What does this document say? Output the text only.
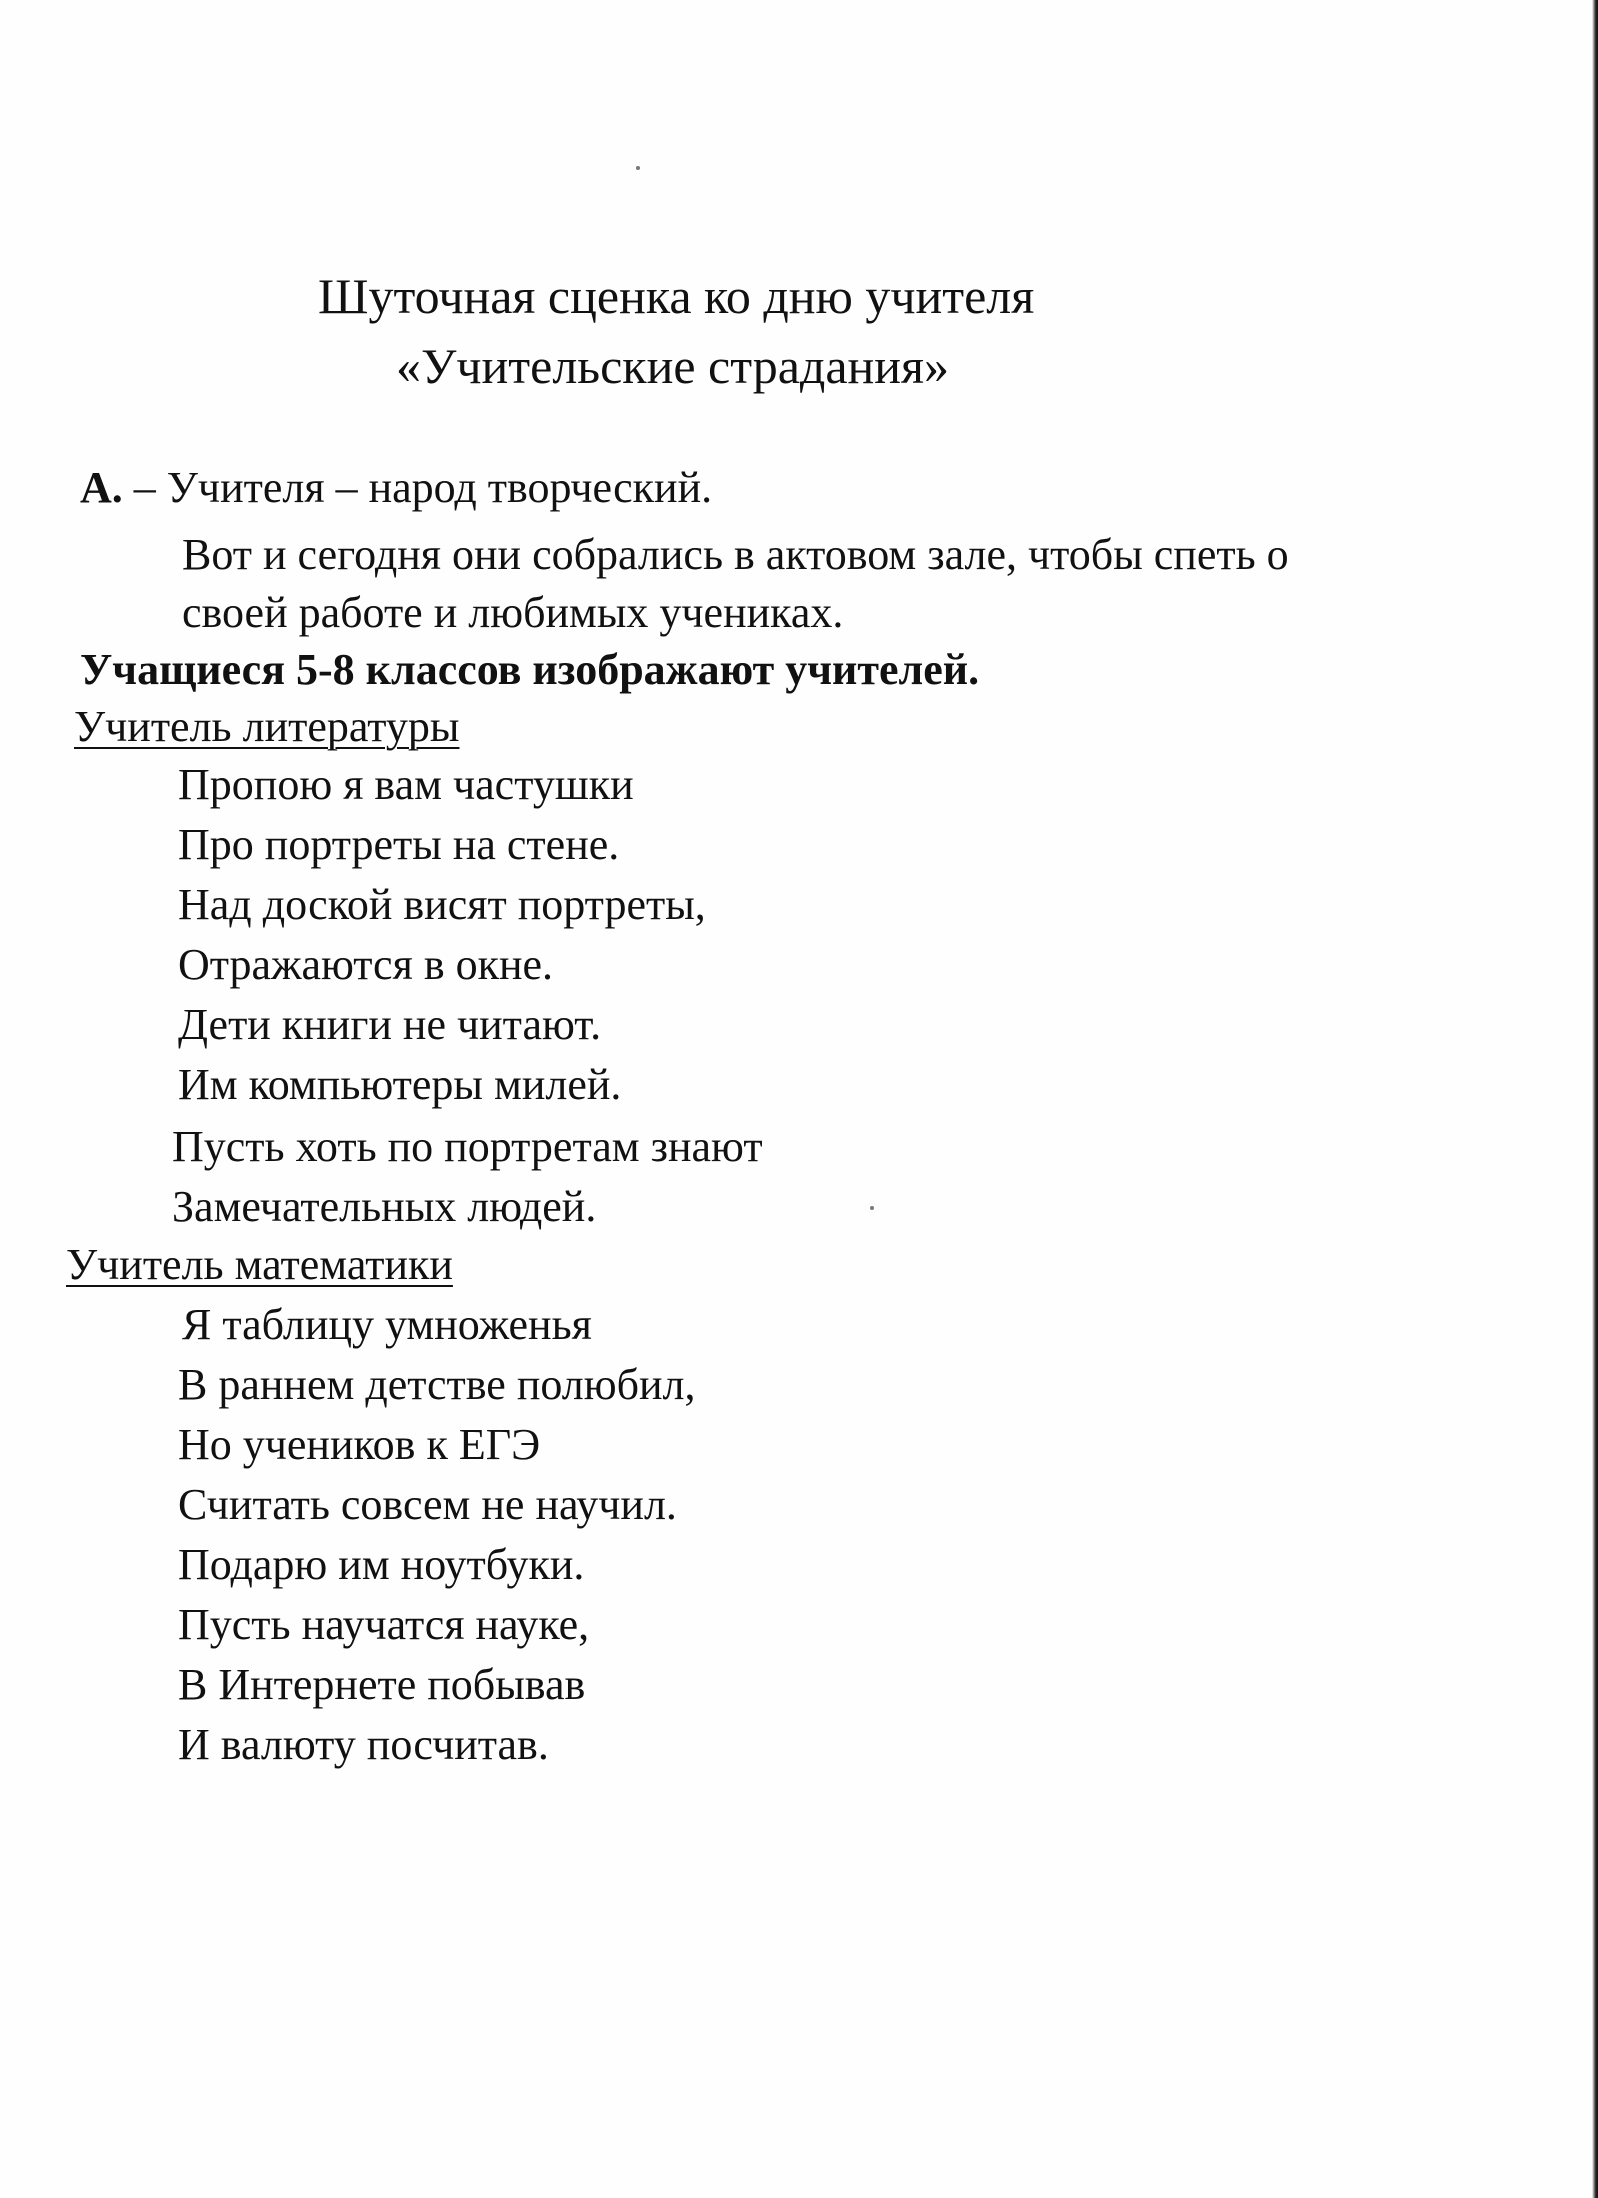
Шуточная сценка ко дню учителя
«Учительские страдания»

А. – Учителя – народ творческий.

Вот и сегодня они собрались в актовом зале, чтобы спеть о

своей работе и любимых учениках.

Учащиеся 5-8 классов изображают учителей.

Учитель литературы

Пропою я вам частушки

Про портреты на стене.

Над доской висят портреты,

Отражаются в окне.

Дети книги не читают.

Им компьютеры милей.

Пусть хоть по портретам знают

Замечательных людей.

Учитель математики

Я таблицу умноженья

В раннем детстве полюбил,

Но учеников к ЕГЭ

Считать совсем не научил.

Подарю им ноутбуки.

Пусть научатся науке,

В Интернете побывав

И валюту посчитав.
